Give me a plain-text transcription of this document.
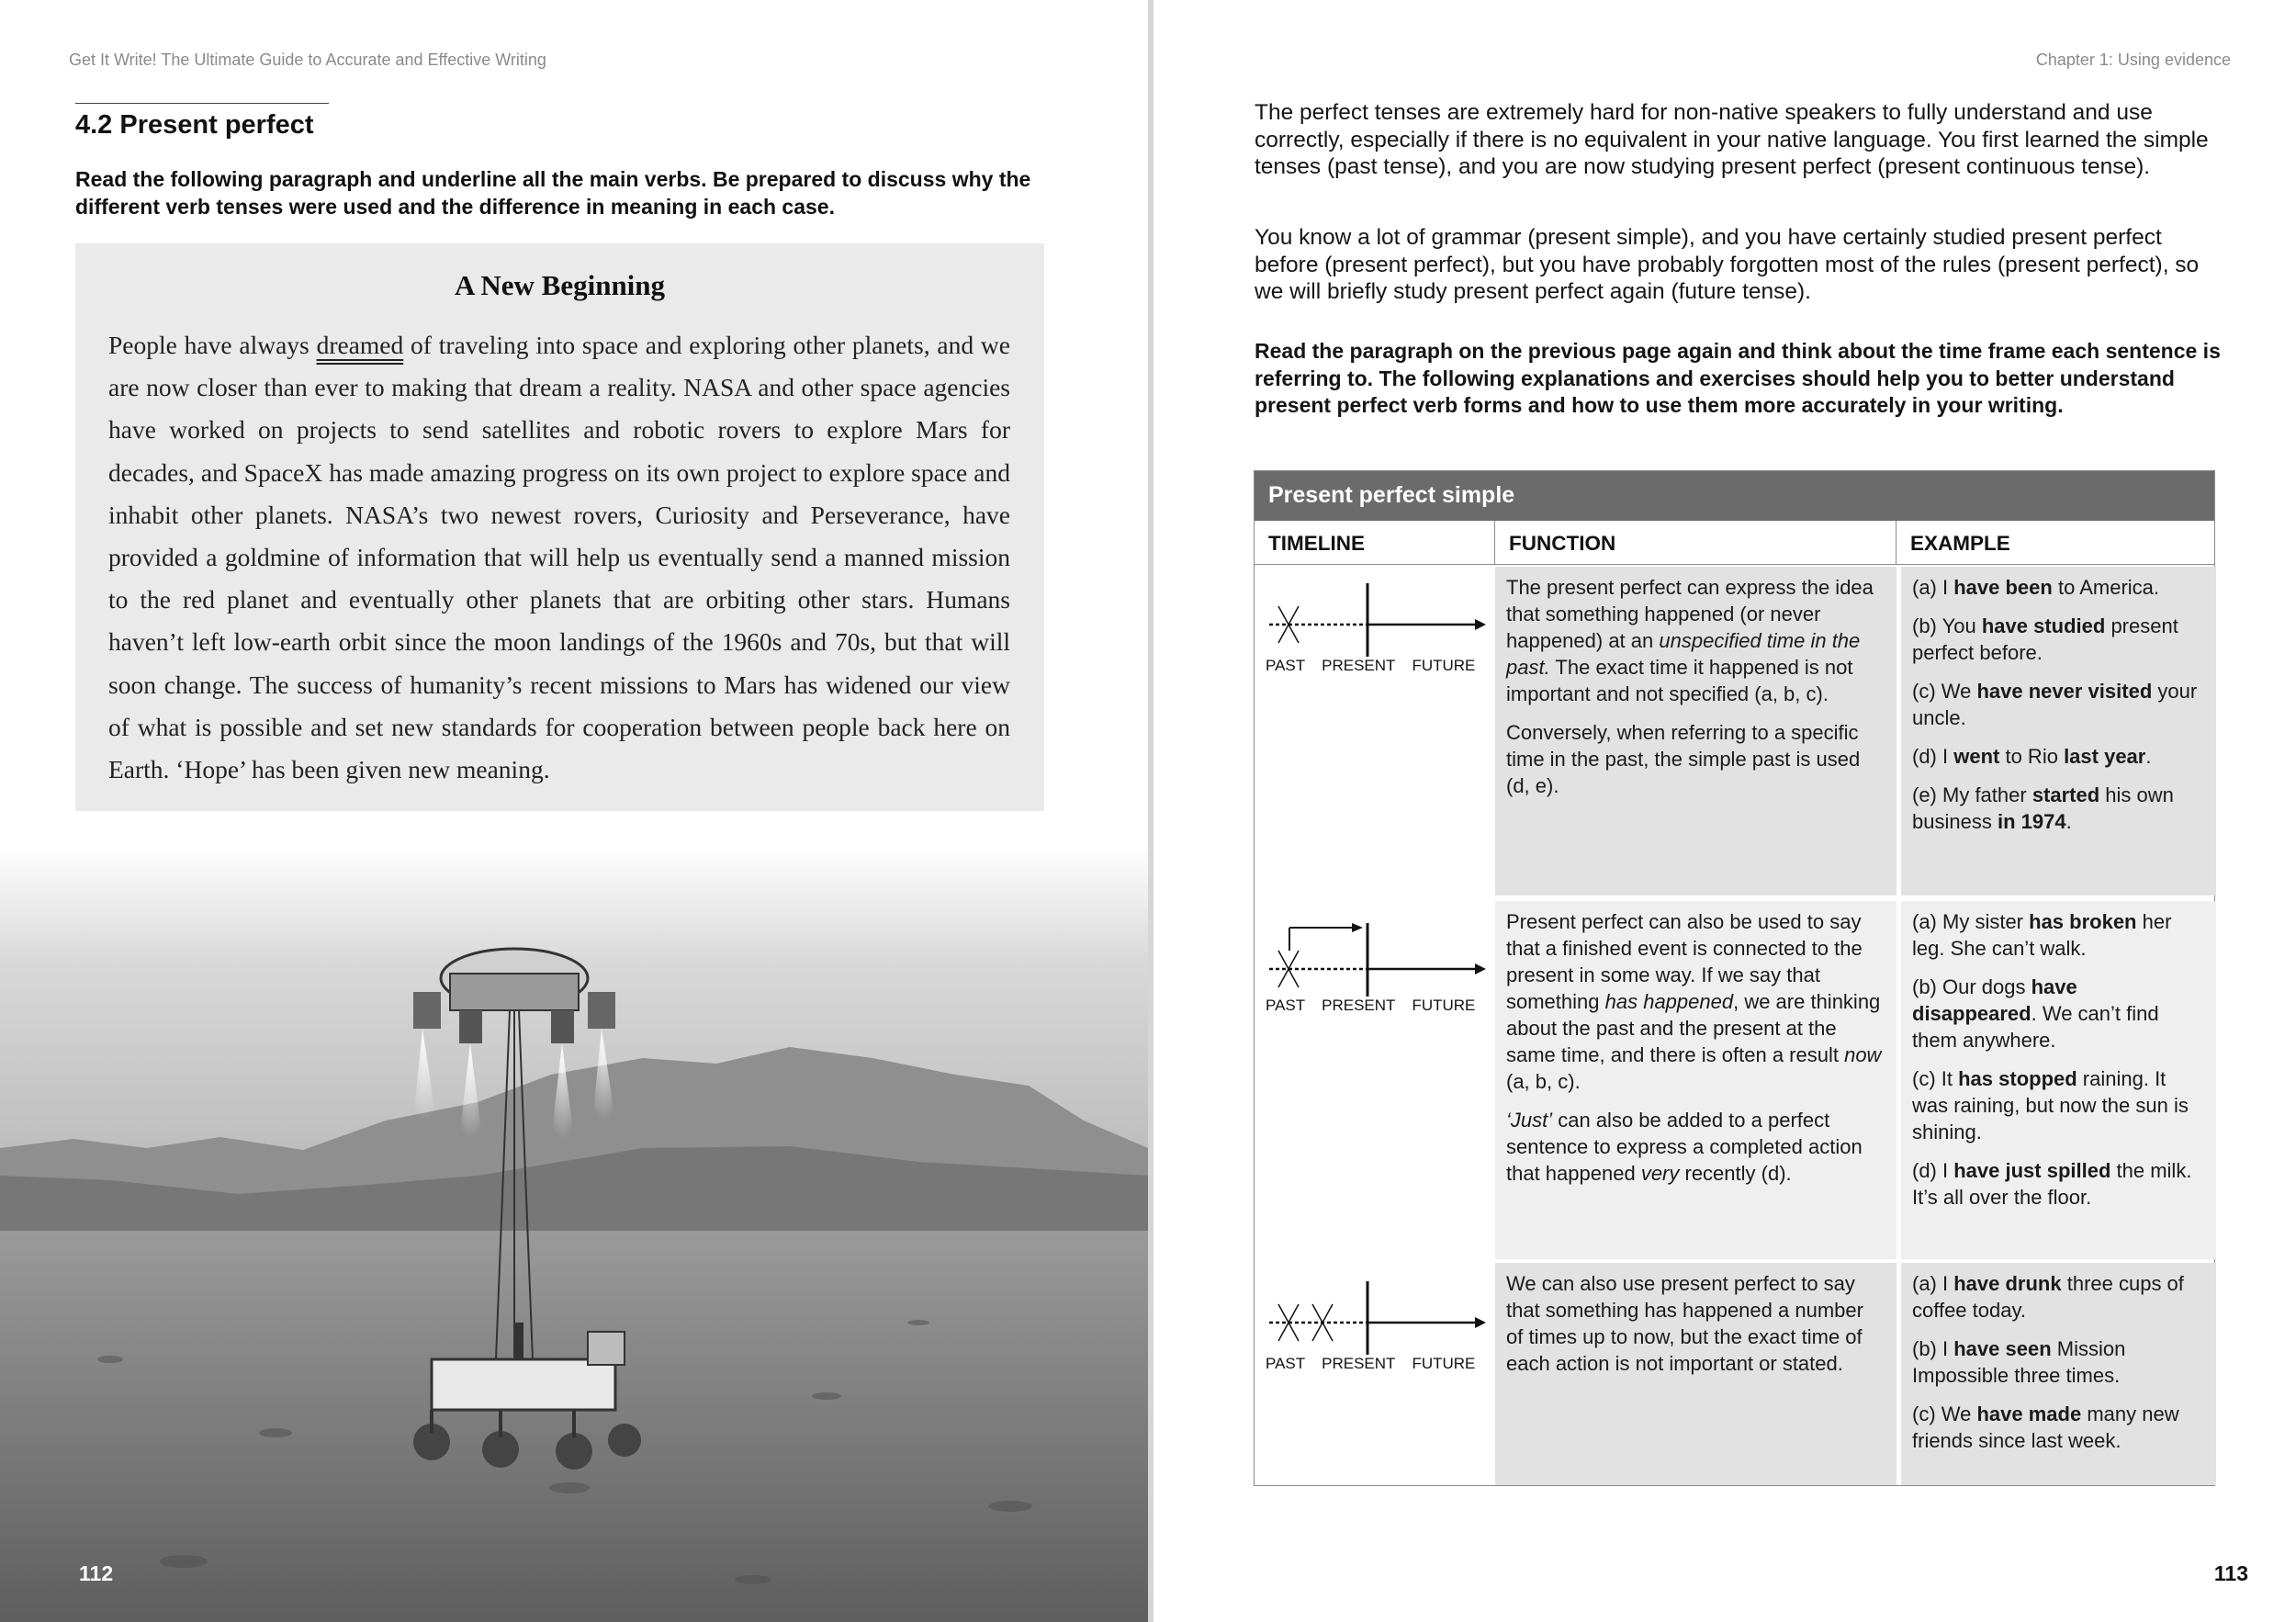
Get It Write! The Ultimate Guide to Accurate and Effective Writing
4.2 Present perfect
Read the following paragraph and underline all the main verbs. Be prepared to discuss why the different verb tenses were used and the difference in meaning in each case.
A New Beginning
People have always dreamed of traveling into space and exploring other planets, and we are now closer than ever to making that dream a reality. NASA and other space agencies have worked on projects to send satellites and robotic rovers to explore Mars for decades, and SpaceX has made amazing progress on its own project to explore space and inhabit other planets. NASA’s two newest rovers, Curiosity and Perseverance, have provided a goldmine of information that will help us eventually send a manned mission to the red planet and eventually other planets that are orbiting other stars. Humans haven’t left low-earth orbit since the moon landings of the 1960s and 70s, but that will soon change. The success of humanity’s recent missions to Mars has widened our view of what is possible and set new standards for cooperation between people back here on Earth. ‘Hope’ has been given new meaning.
112
Chapter 1: Using evidence
The perfect tenses are extremely hard for non-native speakers to fully understand and use correctly, especially if there is no equivalent in your native language. You first learned the simple tenses (past tense), and you are now studying present perfect (present continuous tense).
You know a lot of grammar (present simple), and you have certainly studied present perfect before (present perfect), but you have probably forgotten most of the rules (present perfect), so we will briefly study present perfect again (future tense).
Read the paragraph on the previous page again and think about the time frame each sentence is referring to. The following explanations and exercises should help you to better understand present perfect verb forms and how to use them more accurately in your writing.
Present perfect simple
TIMELINE	FUNCTION	EXAMPLE
PAST PRESENT FUTURE
PAST PRESENT FUTURE
PAST PRESENT FUTURE

The present perfect can express the idea that something happened (or never happened) at an unspecified time in the past. The exact time it happened is not important and not specified (a, b, c).

Conversely, when referring to a specific time in the past, the simple past is used (d, e).

(a) I have been to America.

(b) You have studied present perfect before.

(c) We have never visited your uncle.

(d) I went to Rio last year.

(e) My father started his own business in 1974.

Present perfect can also be used to say that a finished event is connected to the present in some way. If we say that something has happened, we are thinking about the past and the present at the same time, and there is often a result now (a, b, c).

‘Just’ can also be added to a perfect sentence to express a completed action that happened very recently (d).

(a) My sister has broken her leg. She can’t walk.

(b) Our dogs have disappeared. We can’t find them anywhere.

(c) It has stopped raining. It was raining, but now the sun is shining.

(d) I have just spilled the milk. It’s all over the floor.

We can also use present perfect to say that something has happened a number of times up to now, but the exact time of each action is not important or stated.

(a) I have drunk three cups of coffee today.

(b) I have seen Mission Impossible three times.

(c) We have made many new friends since last week.

113
